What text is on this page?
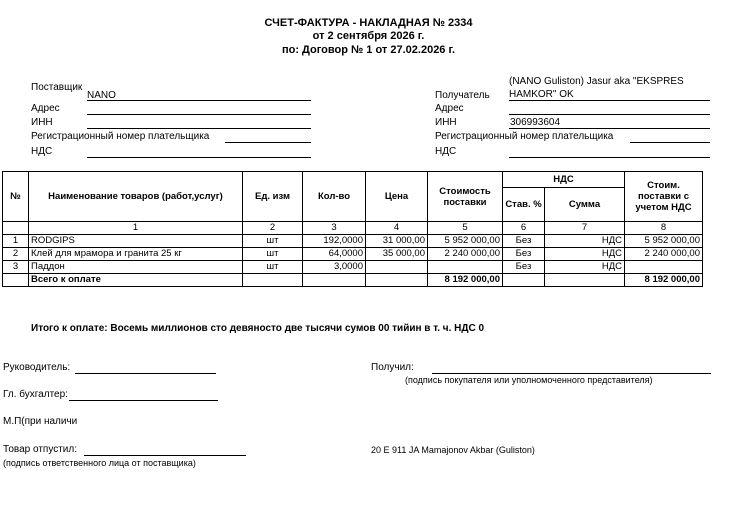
СЧЕТ-ФАКТУРА - НАКЛАДНАЯ № 2334
от 2 сентября 2026 г.
по: Договор № 1 от 27.02.2026 г.
Поставщик
NANO
Адрес
ИНН
Регистрационный номер плательщика
НДС
Получатель
(NANO Guliston) Jasur aka "EKSPRES
HAMKOR" OK
Адрес
ИНН	306993604
Регистрационный номер плательщика
НДС
№	Наименование товаров (работ,услуг)	Ед. изм	Кол-во	Цена	Стоимость поставки	НДС		Стоим. поставки с учетом НДС
						Став. %	Сумма	
	1	2	3	4	5	6	7	8
1	RODGIPS	шт	192,0000	31 000,00	5 952 000,00	Без	НДС	5 952 000,00
2	Клей для мрамора и гранита 25 кг	шт	64,0000	35 000,00	2 240 000,00	Без	НДС	2 240 000,00
3	Паддон	шт	3,0000			Без	НДС	
	Всего к оплате				8 192 000,00			8 192 000,00
Итого к оплате: Восемь миллионов сто девяносто две тысячи сумов 00 тийин в т. ч. НДС 0
Руководитель:
Гл. бухгалтер:
М.П(при наличи
Товар отпустил:
(подпись ответственного лица от поставщика)
Получил:
(подпись покупателя или уполномоченного представителя)
20 E 911 JA Mamajonov Akbar (Guliston)
